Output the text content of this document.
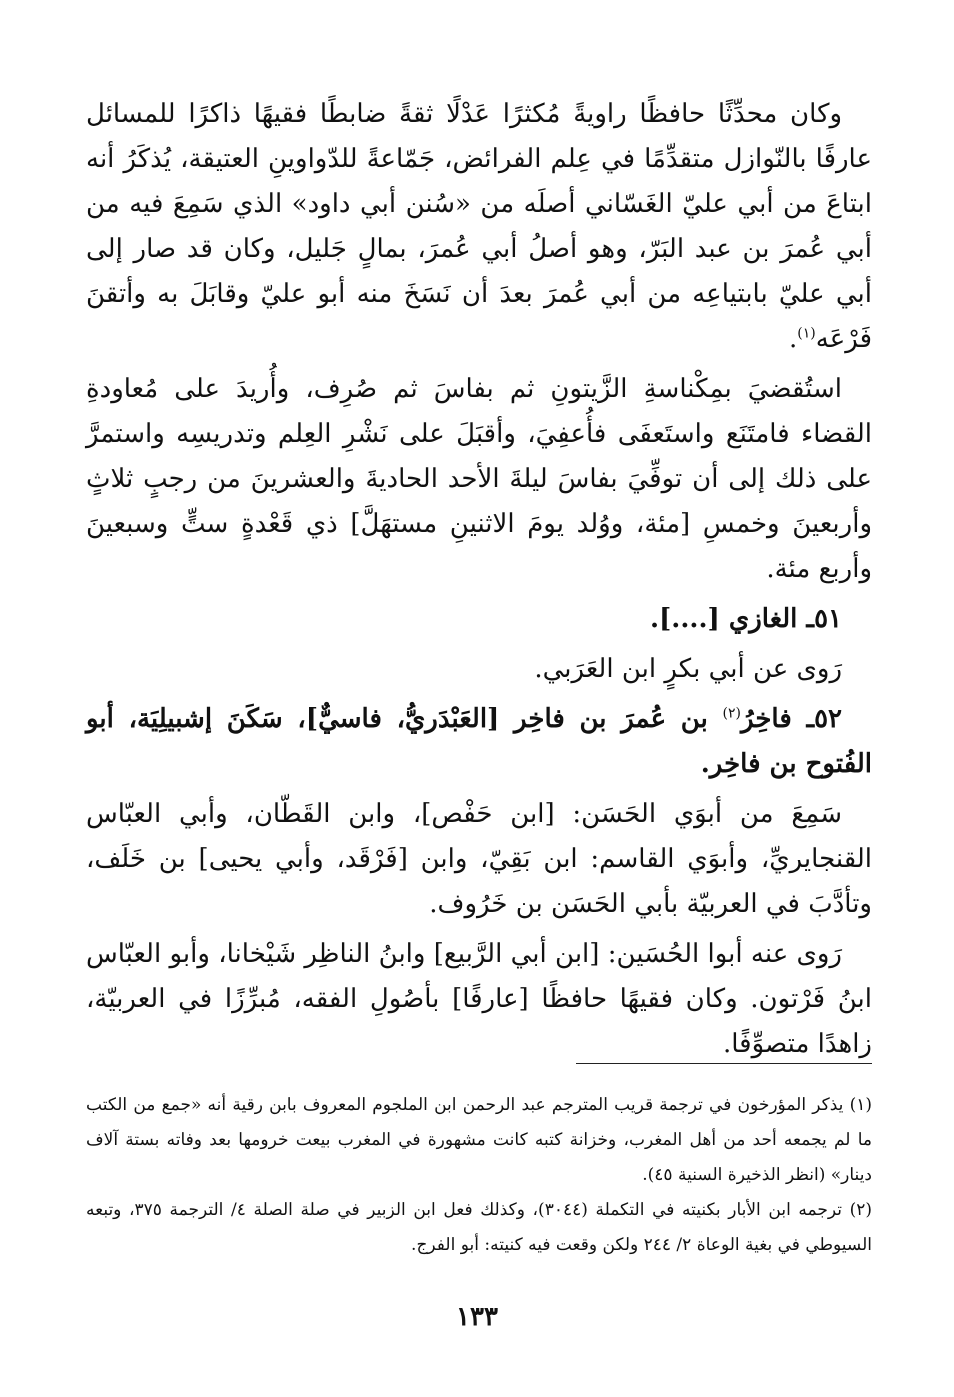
وكان محدِّثًا حافظًا راويةً مُكثرًا عَدْلًا ثقةً ضابطًا فقيهًا ذاكرًا للمسائل عارفًا بالنّوازل متقدِّمًا في عِلم الفرائض، جَمّاعةً للدّواوينِ العتيقة، يُذكَرُ أنه ابتاعَ من أبي عليّ الغَسّاني أصلَه من «سُنن أبي داود» الذي سَمِعَ فيه من أبي عُمرَ بن عبد البَرّ، وهو أصلُ أبي عُمرَ، بمالٍ جَليل، وكان قد صار إلى أبي عليّ بابتياعِه من أبي عُمرَ بعدَ أن نَسَخَ منه أبو عليّ وقابَلَ به وأتقنَ فَرْعَه$^{(١)}$.

استُقضيَ بمِكْناسةِ الزَّيتونِ ثم بفاسَ ثم صُرِف، وأُريدَ على مُعاودةِ القضاء فامتَنَع واستَعفَى فأُعفِيَ، وأقبَلَ على نَشْرِ العِلم وتدريسِه واستمرَّ على ذلك إلى أن توفِّيَ بفاسَ ليلةَ الأحد الحاديةَ والعشرينَ من رجبٍ ثلاثٍ وأربعينَ وخمسِ [مئة، ووُلد يومَ الاثنينِ مستهَلَّ] ذي قَعْدةٍ ستٍّ وسبعينَ وأربع مئة.

٥١ـ الغازي [....].

رَوى عن أبي بكرٍ ابن العَرَبي.

٥٢ـ فاخِرُ$^{(٢)}$ بن عُمرَ بن فاخِر [العَبْدَريُّ، فاسيٌّ]، سَكَنَ إشبيلِيَة، أبو الفُتوح بن فاخِر.

سَمِعَ من أبوَي الحَسَن: [ابن حَفْص]، وابن القَطّان، وأبي العبّاس القنجايريِّ، وأبوَي القاسم: ابن بَقِيّ، وابن [فَرْقَد، وأبي يحيى] بن خَلَف، وتأدَّبَ في العربيّة بأبي الحَسَن بن خَرُوف.

رَوى عنه أبوا الحُسَين: [ابن أبي الرَّبيع] وابنُ الناظِر شَيْخانا، وأبو العبّاس ابنُ فَرْتون. وكان فقيهًا حافظًا [عارفًا] بأصُولِ الفقه، مُبرِّزًا في العربيّة، زاهدًا متصوِّفًا.

(١) يذكر المؤرخون في ترجمة قريب المترجم عبد الرحمن ابن الملجوم المعروف بابن رقية أنه «جمع من الكتب ما لم يجمعه أحد من أهل المغرب، وخزانة كتبه كانت مشهورة في المغرب بيعت خرومها بعد وفاته بستة آلاف دينار» (انظر الذخيرة السنية ٤٥).

(٢) ترجمه ابن الأبار بكنيته في التكملة (٣٠٤٤)، وكذلك فعل ابن الزبير في صلة الصلة ٤/ الترجمة ٣٧٥، وتبعه السيوطي في بغية الوعاة ٢/ ٢٤٤ ولكن وقعت فيه كنيته: أبو الفرج.

١٣٣
